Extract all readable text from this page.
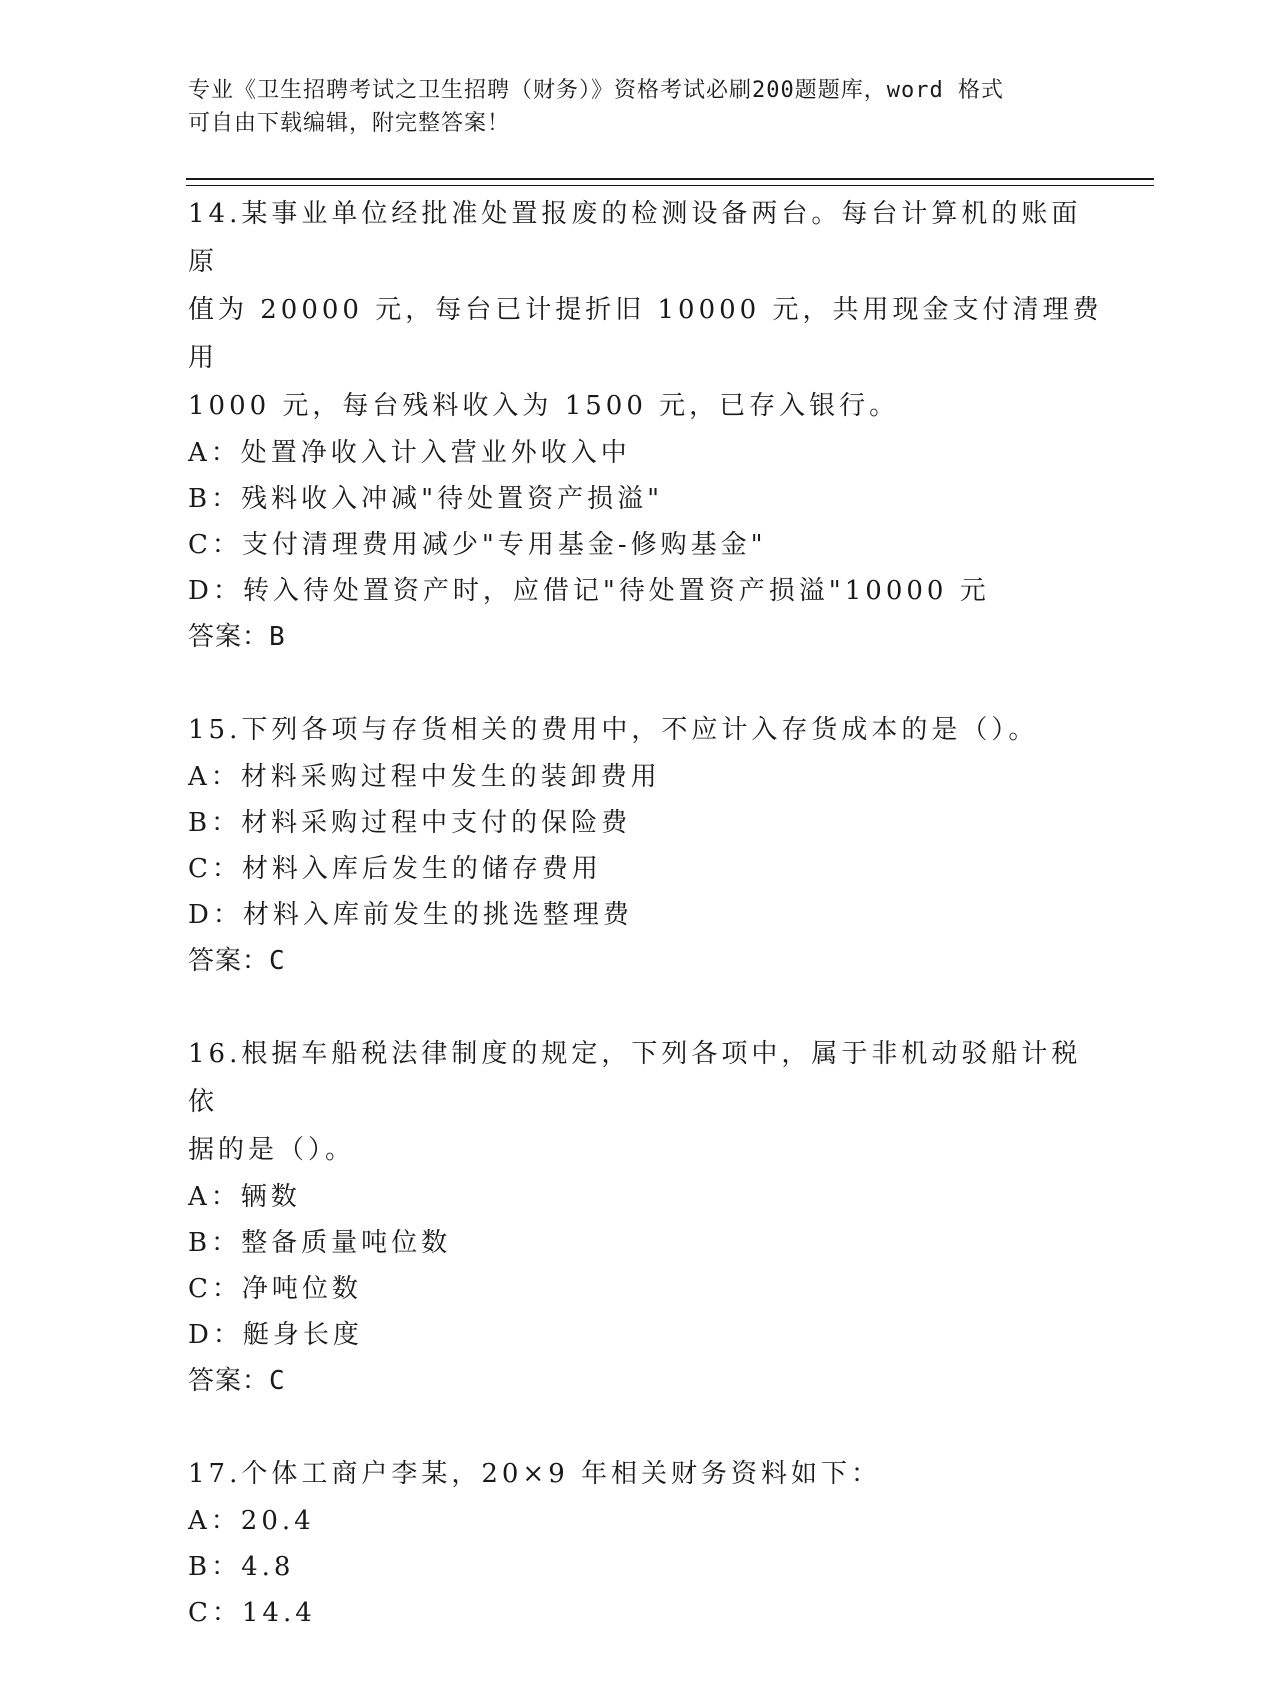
专业《卫生招聘考试之卫生招聘（财务）》资格考试必刷200题题库，word 格式
可自由下载编辑，附完整答案！
14.某事业单位经批准处置报废的检测设备两台。每台计算机的账面原
值为 20000 元，每台已计提折旧 10000 元，共用现金支付清理费用
1000 元，每台残料收入为 1500 元，已存入银行。
A：处置净收入计入营业外收入中
B：残料收入冲减"待处置资产损溢"
C：支付清理费用减少"专用基金-修购基金"
D：转入待处置资产时，应借记"待处置资产损溢"10000 元
答案：B
15.下列各项与存货相关的费用中，不应计入存货成本的是（）。
A：材料采购过程中发生的装卸费用
B：材料采购过程中支付的保险费
C：材料入库后发生的储存费用
D：材料入库前发生的挑选整理费
答案：C
16.根据车船税法律制度的规定，下列各项中，属于非机动驳船计税依
据的是（）。
A：辆数
B：整备质量吨位数
C：净吨位数
D：艇身长度
答案：C
17.个体工商户李某，20×9 年相关财务资料如下：
A：20.4
B：4.8
C：14.4
